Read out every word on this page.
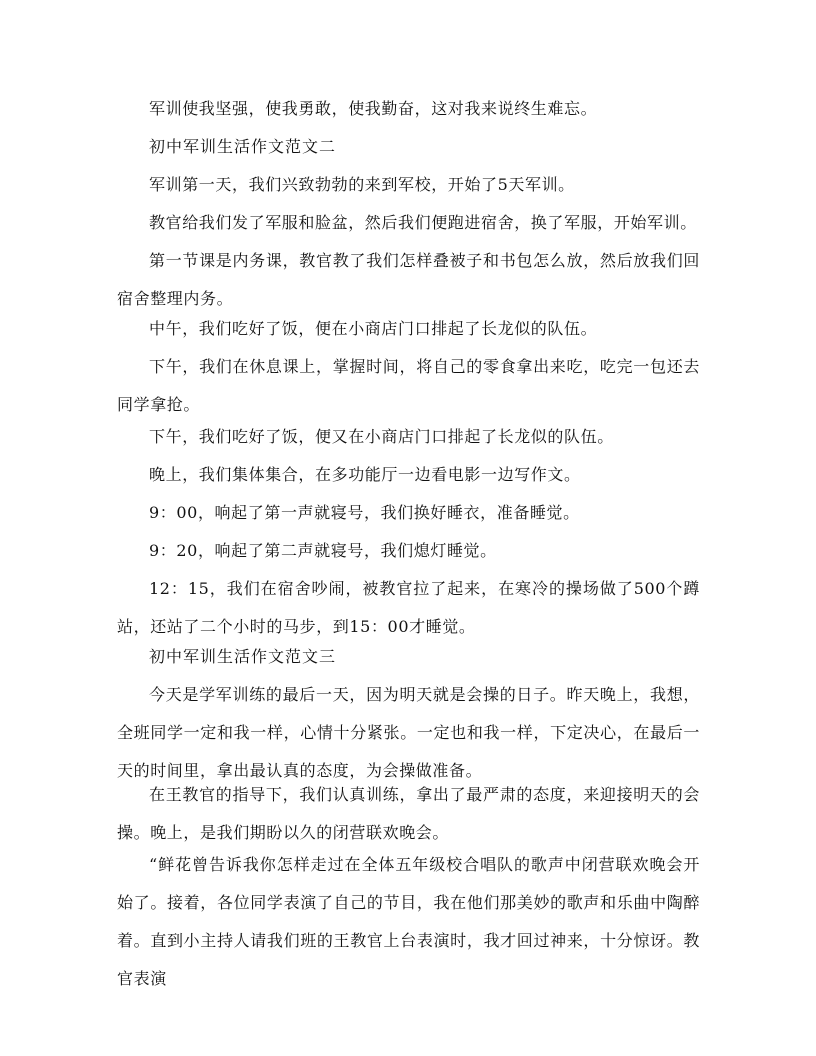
军训使我坚强，使我勇敢，使我勤奋，这对我来说终生难忘。

初中军训生活作文范文二

军训第一天，我们兴致勃勃的来到军校，开始了5天军训。

教官给我们发了军服和脸盆，然后我们便跑进宿舍，换了军服，开始军训。

第一节课是内务课，教官教了我们怎样叠被子和书包怎么放，然后放我们回宿舍整理内务。

中午，我们吃好了饭，便在小商店门口排起了长龙似的队伍。

下午，我们在休息课上，掌握时间，将自己的零食拿出来吃，吃完一包还去同学拿抢。

下午，我们吃好了饭，便又在小商店门口排起了长龙似的队伍。

晚上，我们集体集合，在多功能厅一边看电影一边写作文。

9：00，响起了第一声就寝号，我们换好睡衣，准备睡觉。

9：20，响起了第二声就寝号，我们熄灯睡觉。

12：15，我们在宿舍吵闹，被教官拉了起来，在寒冷的操场做了500个蹲站，还站了二个小时的马步，到15：00才睡觉。

初中军训生活作文范文三

今天是学军训练的最后一天，因为明天就是会操的日子。昨天晚上，我想，全班同学一定和我一样，心情十分紧张。一定也和我一样，下定决心，在最后一天的时间里，拿出最认真的态度，为会操做准备。

在王教官的指导下，我们认真训练，拿出了最严肃的态度，来迎接明天的会操。晚上，是我们期盼以久的闭营联欢晚会。

“鲜花曾告诉我你怎样走过在全体五年级校合唱队的歌声中闭营联欢晚会开始了。接着，各位同学表演了自己的节目，我在他们那美妙的歌声和乐曲中陶醉着。直到小主持人请我们班的王教官上台表演时，我才回过神来，十分惊讶。教官表演
